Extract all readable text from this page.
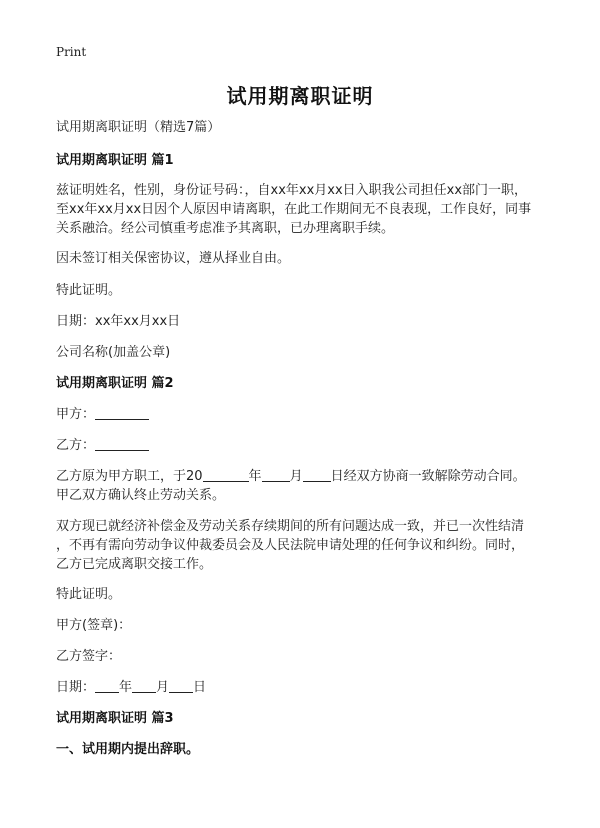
Print
试用期离职证明
试用期离职证明（精选7篇）
试用期离职证明 篇1
兹证明姓名，性别，身份证号码：，自xx年xx月xx日入职我公司担任xx部门一职，
至xx年xx月xx日因个人原因申请离职，在此工作期间无不良表现，工作良好，同事
关系融洽。经公司慎重考虑准予其离职，已办理离职手续。
因未签订相关保密协议，遵从择业自由。
特此证明。
日期：xx年xx月xx日
公司名称(加盖公章)
试用期离职证明 篇2
甲方：
乙方：
乙方原为甲方职工，于20	年 月 日经双方协商一致解除劳动合同。
甲乙双方确认终止劳动关系。
双方现已就经济补偿金及劳动关系存续期间的所有问题达成一致，并已一次性结清
，不再有需向劳动争议仲裁委员会及人民法院申请处理的任何争议和纠纷。同时，
乙方已完成离职交接工作。
特此证明。
甲方(签章)：
乙方签字：
日期： 年 月 日
试用期离职证明 篇3
一、试用期内提出辞职。
